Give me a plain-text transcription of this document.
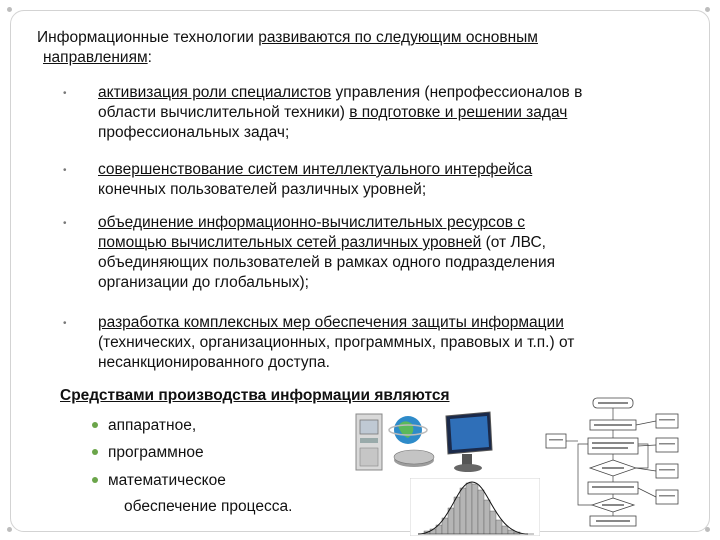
Информационные технологии развиваются по следующим основным
направлениям:
• активизация роли специалистов управления (непрофессионалов в
области вычислительной техники) в подготовке и решении задач
профессиональных задач;
• совершенствование систем интеллектуального интерфейса
конечных пользователей различных уровней;
• объединение информационно-вычислительных ресурсов с
помощью вычислительных сетей различных уровней (от ЛВС,
объединяющих пользователей в рамках одного подразделения
организации до глобальных);
• разработка комплексных мер обеспечения защиты информации
(технических, организационных, программных, правовых и т.п.) от
несанкционированного доступа.
Средствами производства информации являются
аппаратное,
программное
математическое
обеспечение процесса.
